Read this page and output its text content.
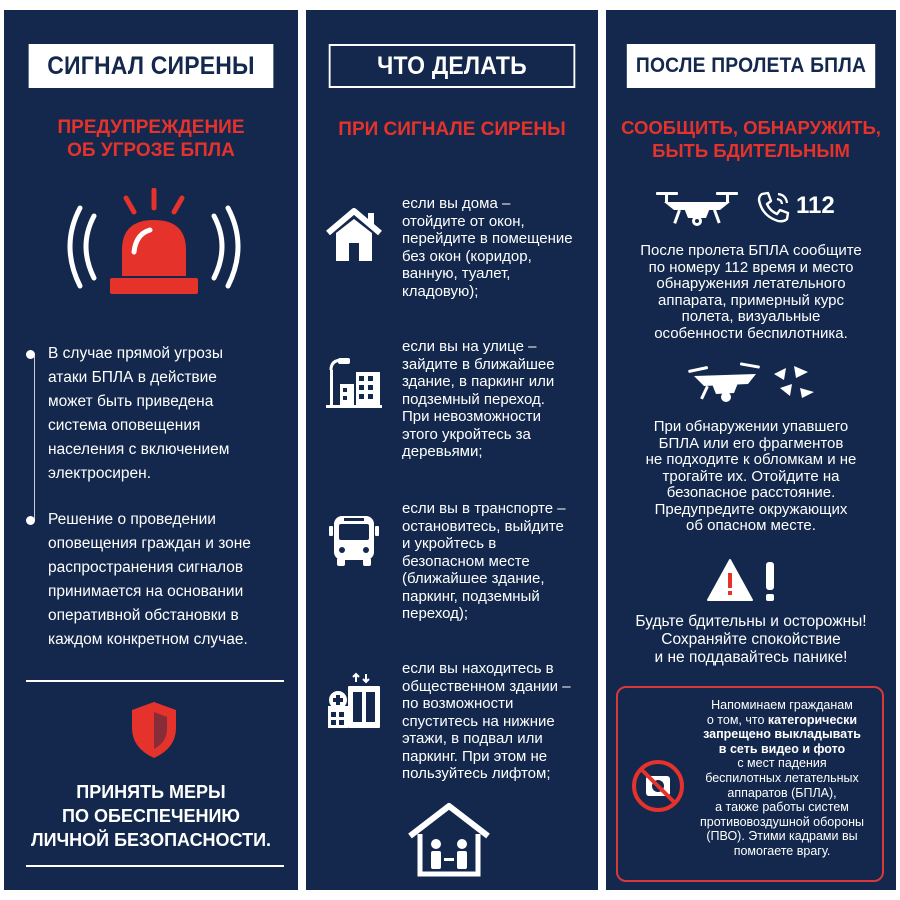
СИГНАЛ СИРЕНЫ
ПРЕДУПРЕЖДЕНИЕ
ОБ УГРОЗЕ БПЛА
В случае прямой угрозы
атаки БПЛА в действие
может быть приведена
система оповещения
населения с включением
электросирен.
Решение о проведении
оповещения граждан и зоне
распространения сигналов
принимается на основании
оперативной обстановки в
каждом конкретном случае.
ПРИНЯТЬ МЕРЫ
ПО ОБЕСПЕЧЕНИЮ
ЛИЧНОЙ БЕЗОПАСНОСТИ.
ЧТО ДЕЛАТЬ
ПРИ СИГНАЛЕ СИРЕНЫ
если вы дома –
отойдите от окон,
перейдите в помещение
без окон (коридор,
ванную, туалет,
кладовую);
если вы на улице –
зайдите в ближайшее
здание, в паркинг или
подземный переход.
При невозможности
этого укройтесь за
деревьями;
если вы в транспорте –
остановитесь, выйдите
и укройтесь в
безопасном месте
(ближайшее здание,
паркинг, подземный
переход);
если вы находитесь в
общественном здании –
по возможности
спуститесь на нижние
этажи, в подвал или
паркинг. При этом не
пользуйтесь лифтом;
ПОСЛЕ ПРОЛЕТА БПЛА
СООБЩИТЬ, ОБНАРУЖИТЬ,
БЫТЬ БДИТЕЛЬНЫМ
112
После пролета БПЛА сообщите
по номеру 112 время и место
обнаружения летательного
аппарата, примерный курс
полета, визуальные
особенности беспилотника.
При обнаружении упавшего
БПЛА или его фрагментов
не подходите к обломкам и не
трогайте их. Отойдите на
безопасное расстояние.
Предупредите окружающих
об опасном месте.
Будьте бдительны и осторожны!
Сохраняйте спокойствие
и не поддавайтесь панике!
Напоминаем гражданам
о том, что категорически
запрещено выкладывать
в сеть видео и фото
с мест падения
беспилотных летательных
аппаратов (БПЛА),
а также работы систем
противовоздушной обороны
(ПВО). Этими кадрами вы
помогаете врагу.
